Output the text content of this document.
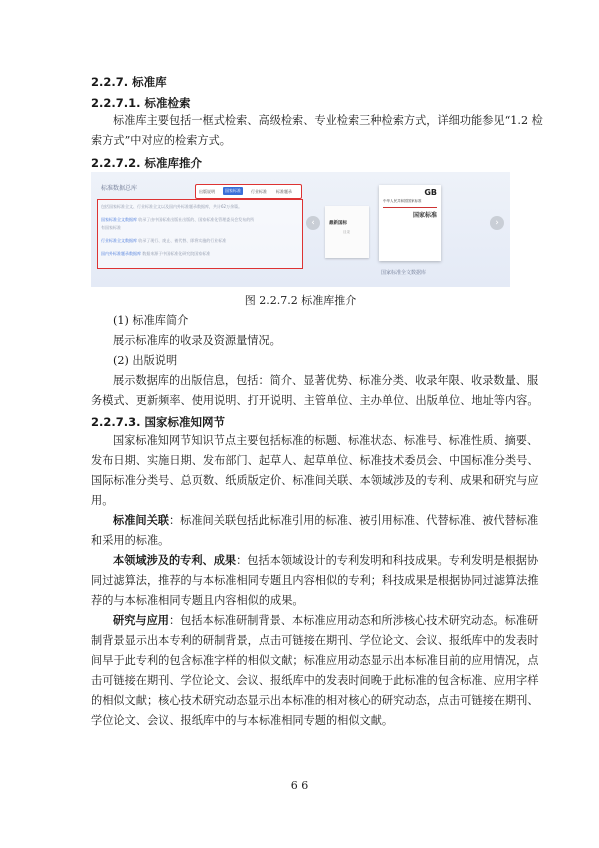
2.2.7. 标准库
2.2.7.1. 标准检索
标准库主要包括一框式检索、高级检索、专业检索三种检索方式，详细功能参见“1.2 检
索方式”中对应的检索方式。
2.2.7.2. 标准库推介
标准数据总库	出版说明	国家标准	行业标准 标准题录
包括国家标准全文、行业标准全文以及国内外标准题录数据库，共计62万余篇。
国家标准全文数据库 收录了由中国标准出版社出版的、国家标准化管理委员会发布的所
有国家标准
行业标准全文数据库 收录了现行、废止、被代替、即将实施的行业标准
国内外标准题录数据库 数据来源于中国标准化研究院国家标准
‹	›
最新国标
目录
GB
中华人民共和国国家标准
国家标准
国家标准全文数据库
图 2.2.7.2 标准库推介
(1) 标准库简介
展示标准库的收录及资源量情况。
(2) 出版说明
展示数据库的出版信息，包括：简介、显著优势、标准分类、收录年限、收录数量、服
务模式、更新频率、使用说明、打开说明、主管单位、主办单位、出版单位、地址等内容。
2.2.7.3. 国家标准知网节
国家标准知网节知识节点主要包括标准的标题、标准状态、标准号、标准性质、摘要、
发布日期、实施日期、发布部门、起草人、起草单位、标准技术委员会、中国标准分类号、
国际标准分类号、总页数、纸质版定价、标准间关联、本领域涉及的专利、成果和研究与应
用。
标准间关联：标准间关联包括此标准引用的标准、被引用标准、代替标准、被代替标准
和采用的标准。
本领域涉及的专利、成果：包括本领域设计的专利发明和科技成果。专利发明是根据协
同过滤算法，推荐的与本标准相同专题且内容相似的专利；科技成果是根据协同过滤算法推
荐的与本标准相同专题且内容相似的成果。
研究与应用：包括本标准研制背景、本标准应用动态和所涉核心技术研究动态。标准研
制背景显示出本专利的研制背景，点击可链接在期刊、学位论文、会议、报纸库中的发表时
间早于此专利的包含标准字样的相似文献；标准应用动态显示出本标准目前的应用情况，点
击可链接在期刊、学位论文、会议、报纸库中的发表时间晚于此标准的包含标准、应用字样
的相似文献；核心技术研究动态显示出本标准的相对核心的研究动态，点击可链接在期刊、
学位论文、会议、报纸库中的与本标准相同专题的相似文献。
6 6
